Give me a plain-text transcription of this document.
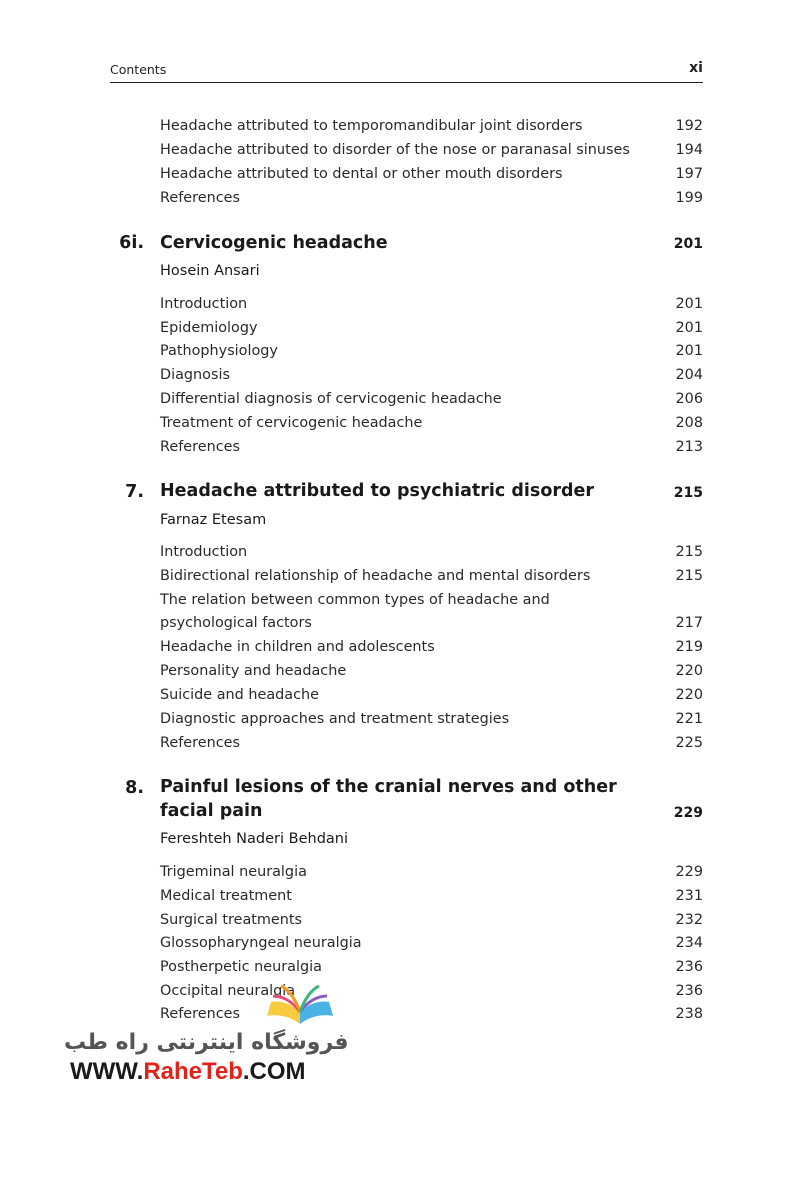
Contents	xi
Headache attributed to temporomandibular joint disorders	192
Headache attributed to disorder of the nose or paranasal sinuses	194
Headache attributed to dental or other mouth disorders	197
References	199
6i. Cervicogenic headache	201
Hosein Ansari
Introduction	201
Epidemiology	201
Pathophysiology	201
Diagnosis	204
Differential diagnosis of cervicogenic headache	206
Treatment of cervicogenic headache	208
References	213
7. Headache attributed to psychiatric disorder	215
Farnaz Etesam
Introduction	215
Bidirectional relationship of headache and mental disorders	215
The relation between common types of headache and
psychological factors	217
Headache in children and adolescents	219
Personality and headache	220
Suicide and headache	220
Diagnostic approaches and treatment strategies	221
References	225
8. Painful lesions of the cranial nerves and other
facial pain	229
Fereshteh Naderi Behdani
Trigeminal neuralgia	229
Medical treatment	231
Surgical treatments	232
Glossopharyngeal neuralgia	234
Postherpetic neuralgia	236
Occipital neuralgia	236
References	238
فروشگاه اینترنتی راه طب
WWW.RaheTeb.COM
